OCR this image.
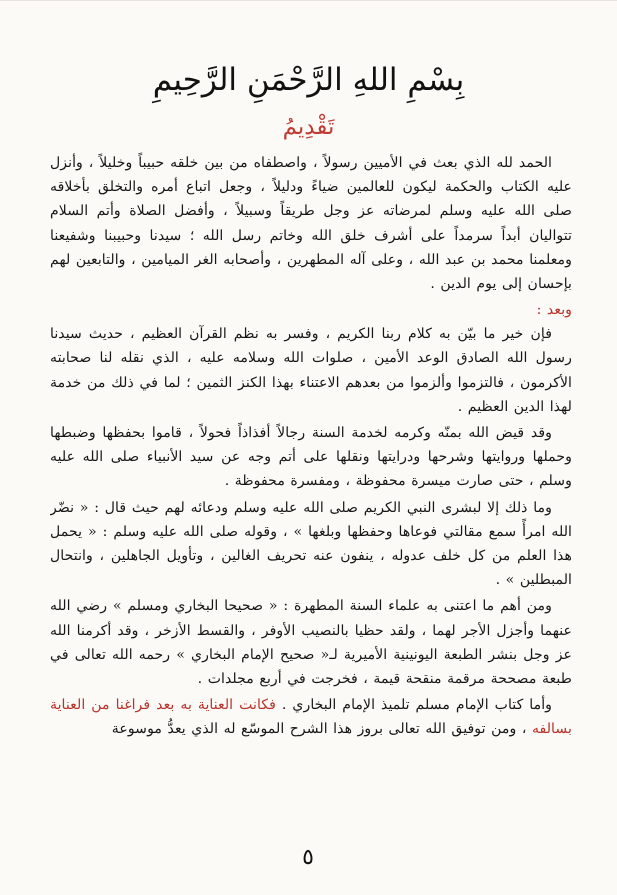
بِسْمِ اللهِ الرَّحْمَنِ الرَّحِيمِ
تَقْدِيمُ

الحمد لله الذي بعث في الأميين رسولاً ، واصطفاه من بين خلقه حبيباً وخليلاً ، وأنزل عليه الكتاب والحكمة ليكون للعالمين ضياءً ودليلاً ، وجعل اتباع أمره والتخلق بأخلاقه صلى الله عليه وسلم لمرضاته عز وجل طريقاً وسبيلاً ، وأفضل الصلاة وأتم السلام تتواليان أبداً سرمداً على أشرف خلق الله وخاتم رسل الله ؛ سيدنا وحبيبنا وشفيعنا ومعلمنا محمد بن عبد الله ، وعلى آله المطهرين ، وأصحابه الغر الميامين ، والتابعين لهم بإحسان إلى يوم الدين .

وبعد :

فإن خير ما بيّن به كلام ربنا الكريم ، وفسر به نظم القرآن العظيم ، حديث سيدنا رسول الله الصادق الوعد الأمين ، صلوات الله وسلامه عليه ، الذي نقله لنا صحابته الأكرمون ، فالتزموا وألزموا من بعدهم الاعتناء بهذا الكنز الثمين ؛ لما في ذلك من خدمة لهذا الدين العظيم .

وقد قيض الله بمنّه وكرمه لخدمة السنة رجالاً أفذاذاً فحولاً ، قاموا بحفظها وضبطها وحملها وروايتها وشرحها ودرايتها ونقلها على أتم وجه عن سيد الأنبياء صلى الله عليه وسلم ، حتى صارت ميسرة محفوظة ، ومفسرة محفوظة .

وما ذلك إلا لبشرى النبي الكريم صلى الله عليه وسلم ودعائه لهم حيث قال : « نضّر الله امرأً سمع مقالتي فوعاها وحفظها وبلغها » ، وقوله صلى الله عليه وسلم : « يحمل هذا العلم من كل خلف عدوله ، ينفون عنه تحريف الغالين ، وتأويل الجاهلين ، وانتحال المبطلين » .

ومن أهم ما اعتنى به علماء السنة المطهرة : « صحيحا البخاري ومسلم » رضي الله عنهما وأجزل الأجر لهما ، ولقد حظيا بالنصيب الأوفر ، والقسط الأزخر ، وقد أكرمنا الله عز وجل بنشر الطبعة اليونينية الأميرية لـ« صحيح الإمام البخاري » رحمه الله تعالى في طبعة مصححة مرقمة منقحة قيمة ، فخرجت في أربع مجلدات .

وأما كتاب الإمام مسلم تلميذ الإمام البخاري . فكانت العناية به بعد فراغنا من العناية بسالفه ، ومن توفيق الله تعالى بروز هذا الشرح الموسّع له الذي يعدُّ موسوعة

٥
